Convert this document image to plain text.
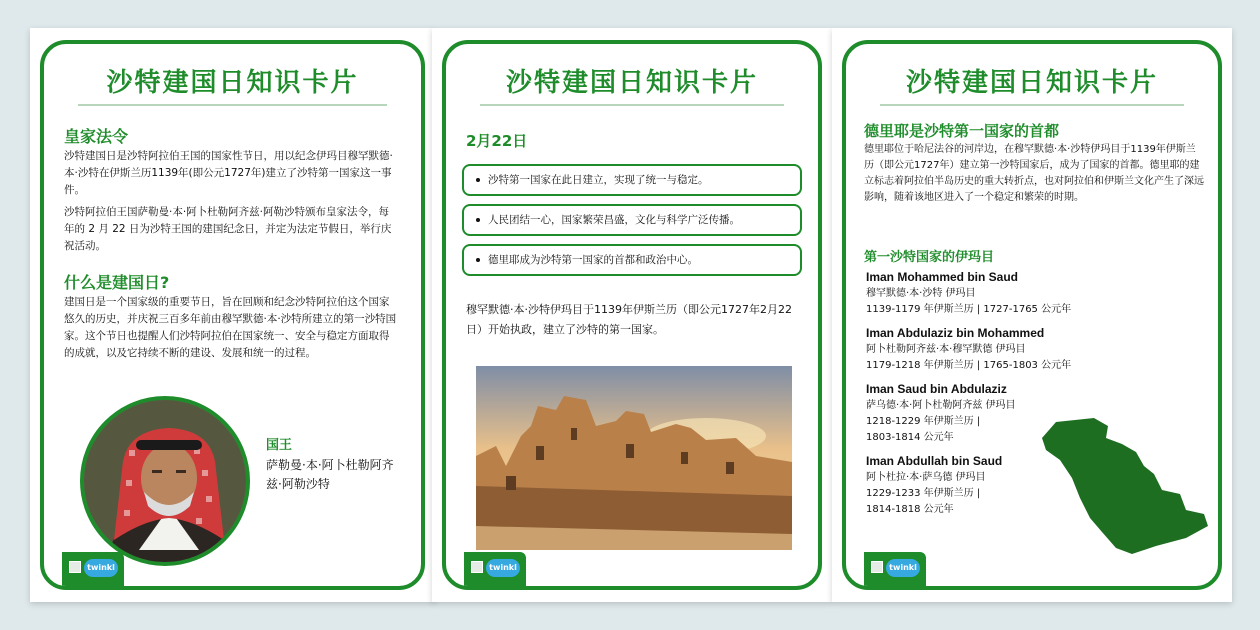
沙特建国日知识卡片
皇家法令
沙特建国日是沙特阿拉伯王国的国家性节日，用以纪念伊玛目穆罕默德·本·沙特在伊斯兰历1139年(即公元1727年)建立了沙特第一国家这一事件。
沙特阿拉伯王国萨勒曼·本·阿卜杜勒阿齐兹·阿勒沙特颁布皇家法令，每年的 2 月 22 日为沙特王国的建国纪念日，并定为法定节假日，举行庆祝活动。
什么是建国日?
建国日是一个国家级的重要节日，旨在回顾和纪念沙特阿拉伯这个国家悠久的历史，并庆祝三百多年前由穆罕默德·本·沙特所建立的第一沙特国家。这个节日也提醒人们沙特阿拉伯在国家统一、安全与稳定方面取得的成就，以及它持续不断的建设、发展和统一的过程。
国王
萨勒曼·本·阿卜杜勒阿齐兹·阿勒沙特
twinkl
沙特建国日知识卡片
2月22日
沙特第一国家在此日建立，实现了统一与稳定。
人民团结一心，国家繁荣昌盛，文化与科学广泛传播。
德里耶成为沙特第一国家的首都和政治中心。
穆罕默德·本·沙特伊玛目于1139年伊斯兰历（即公元1727年2月22日）开始执政，建立了沙特的第一国家。
twinkl
沙特建国日知识卡片
德里耶是沙特第一国家的首都
德里耶位于哈尼法谷的河岸边，在穆罕默德·本·沙特伊玛目于1139年伊斯兰历（即公元1727年）建立第一沙特国家后，成为了国家的首都。德里耶的建立标志着阿拉伯半岛历史的重大转折点，也对阿拉伯和伊斯兰文化产生了深远影响，随着该地区进入了一个稳定和繁荣的时期。
第一沙特国家的伊玛目
Iman Mohammed bin Saud
穆罕默德·本·沙特 伊玛目
1139-1179 年伊斯兰历 | 1727-1765 公元年
Iman Abdulaziz bin Mohammed
阿卜杜勒阿齐兹·本·穆罕默德 伊玛目
1179-1218 年伊斯兰历 | 1765-1803 公元年
Iman Saud bin Abdulaziz
萨乌德·本·阿卜杜勒阿齐兹 伊玛目
1218-1229 年伊斯兰历 |
1803-1814 公元年
Iman Abdullah bin Saud
阿卜杜拉·本·萨乌德 伊玛目
1229-1233 年伊斯兰历 |
1814-1818 公元年
twinkl
